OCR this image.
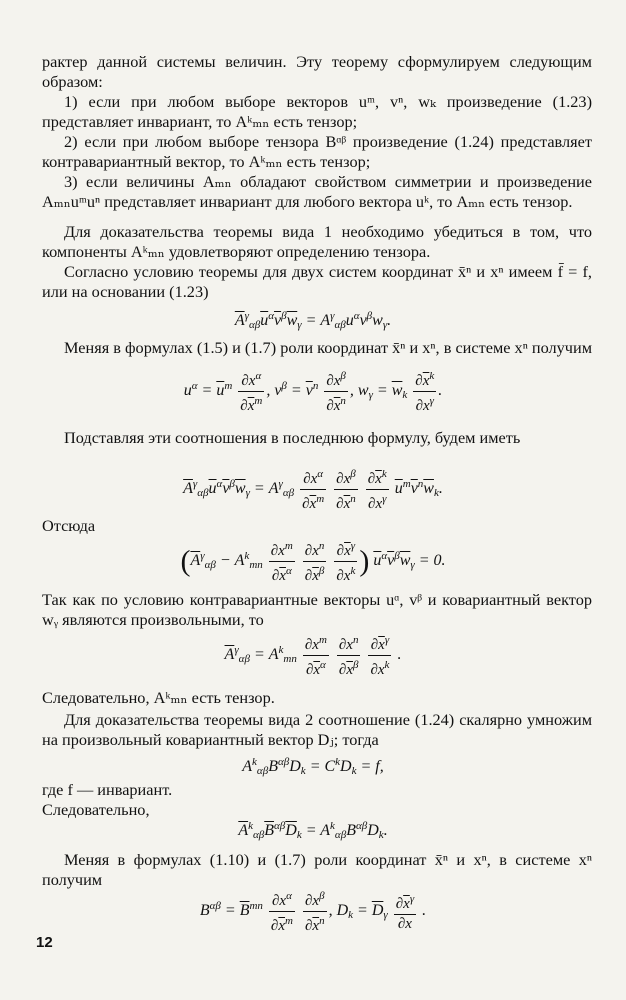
рактер данной системы величин. Эту теорему сформулируем следующим образом:

1) если при любом выборе векторов uᵐ, vⁿ, wₖ произведение (1.23) представляет инвариант, то Aᵏₘₙ есть тензор;

2) если при любом выборе тензора Bᵅᵝ произведение (1.24) представляет контравариантный вектор, то Aᵏₘₙ есть тензор;

3) если величины Aₘₙ обладают свойством симметрии и произведение Aₘₙuᵐuⁿ представляет инвариант для любого вектора uᵏ, то Aₘₙ есть тензор.

Для доказательства теоремы вида 1 необходимо убедиться в том, что компоненты Aᵏₘₙ удовлетворяют определению тензора.

Согласно условию теоремы для двух систем координат x̄ⁿ и xⁿ имеем f̄ = f, или на основании (1.23)

$\overline{A}^\gamma\alpha\beta\overline{u}^\alpha\overline{v}^\beta\overline{w}\gamma = A^\gamma\alpha\beta u^\alpha v^\beta w\gamma$.

Меняя в формулах (1.5) и (1.7) роли координат x̄ⁿ и xⁿ, в системе xⁿ получим

$u^\alpha = \overline{u}^m \frac{\partial x^\alpha}{\partial\overline{x}^m}$ , $v^\beta = \overline{v}^n \frac{\partial x^\beta}{\partial\overline{x}^n}$ , $w\gamma = \overline{w}k \frac{\partial\overline{x}^k}{\partial x^\gamma}$ .

Подставляя эти соотношения в последнюю формулу, будем иметь

$\overline{A}^\gamma\alpha\beta\overline{u}^\alpha\overline{v}^\beta\overline{w}\gamma = A^\gamma\alpha\beta \frac{\partial x^\alpha}{\partial\overline{x}^m}$
$\frac{\partial x^\beta}{\partial\overline{x}^n}$
$\frac{\partial\overline{x}^k}{\partial x^\gamma} \overline{u}^m\overline{v}^n\overline{w}k$.

Отсюда

($\overline{A}^\gamma\alpha\beta - A^kmn \frac{\partial x^m}{\partial\overline{x}^\alpha}$
$\frac{\partial x^n}{\partial\overline{x}^\beta}$
$\frac{\partial\overline{x}^\gamma}{\partial x^k}$ ) $\overline{u}^\alpha\overline{v}^\beta\overline{w}\gamma = 0$.

Так как по условию контравариантные векторы uᵅ, vᵝ и ковариантный вектор wᵧ являются произвольными, то

$\overline{A}^\gamma\alpha\beta = A^kmn \frac{\partial x^m}{\partial\overline{x}^\alpha}$
$\frac{\partial x^n}{\partial\overline{x}^\beta}$
$\frac{\partial\overline{x}^\gamma}{\partial x^k}$ .

Следовательно, Aᵏₘₙ есть тензор.

Для доказательства теоремы вида 2 соотношение (1.24) скалярно умножим на произвольный ковариантный вектор Dⱼ; тогда

$A^k\alpha\beta B^{\alpha\beta}Dk = C^kDk = f$,

где f — инвариант.

Следовательно,

$\overline{A}^k\alpha\beta\overline{B}^{\alpha\beta}\overline{D}k = A^k\alpha\beta B^{\alpha\beta}Dk$.

Меняя в формулах (1.10) и (1.7) роли координат x̄ⁿ и xⁿ, в системе xⁿ получим

$B^{\alpha\beta} = \overline{B}^{mn} \frac{\partial x^\alpha}{\partial\overline{x}^m}$
$\frac{\partial x^\beta}{\partial\overline{x}^n}$ , $Dk = \overline{D}\gamma \frac{\partial\overline{x}^\gamma}{\partial x}$ .
12
